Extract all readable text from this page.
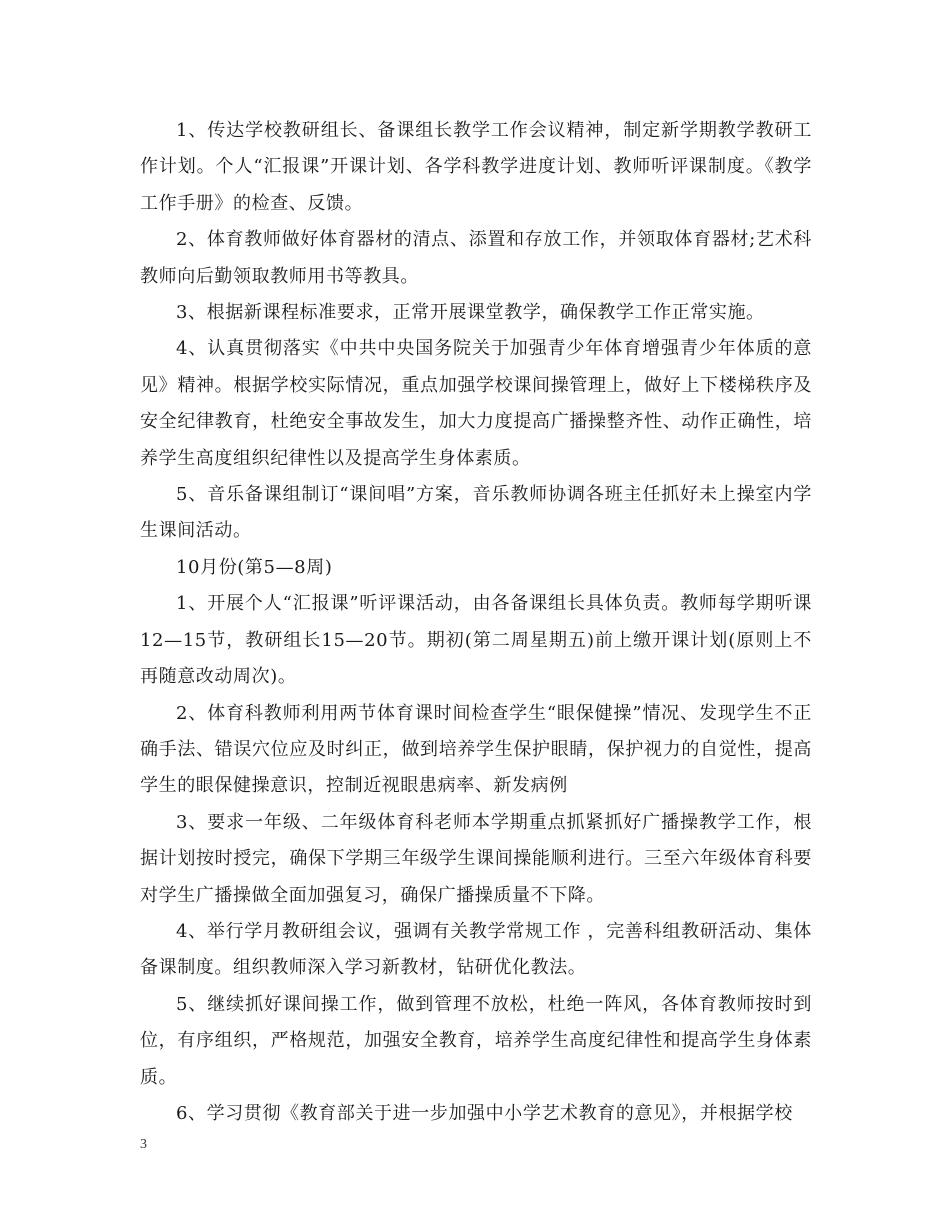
1、传达学校教研组长、备课组长教学工作会议精神，制定新学期教学教研工作计划。个人“汇报课”开课计划、各学科教学进度计划、教师听评课制度。《教学工作手册》的检查、反馈。

2、体育教师做好体育器材的清点、添置和存放工作，并领取体育器材;艺术科教师向后勤领取教师用书等教具。

3、根据新课程标准要求，正常开展课堂教学，确保教学工作正常实施。

4、认真贯彻落实《中共中央国务院关于加强青少年体育增强青少年体质的意见》精神。根据学校实际情况，重点加强学校课间操管理上，做好上下楼梯秩序及安全纪律教育，杜绝安全事故发生，加大力度提高广播操整齐性、动作正确性，培养学生高度组织纪律性以及提高学生身体素质。

5、音乐备课组制订“课间唱”方案，音乐教师协调各班主任抓好未上操室内学生课间活动。

10月份(第5—8周)

1、开展个人“汇报课”听评课活动，由各备课组长具体负责。教师每学期听课12—15节，教研组长15—20节。期初(第二周星期五)前上缴开课计划(原则上不再随意改动周次)。

2、体育科教师利用两节体育课时间检查学生“眼保健操”情况、发现学生不正确手法、错误穴位应及时纠正，做到培养学生保护眼睛，保护视力的自觉性，提高学生的眼保健操意识，控制近视眼患病率、新发病例

3、要求一年级、二年级体育科老师本学期重点抓紧抓好广播操教学工作，根据计划按时授完，确保下学期三年级学生课间操能顺利进行。三至六年级体育科要对学生广播操做全面加强复习，确保广播操质量不下降。

4、举行学月教研组会议，强调有关教学常规工作 ，完善科组教研活动、集体备课制度。组织教师深入学习新教材，钻研优化教法。

5、继续抓好课间操工作，做到管理不放松，杜绝一阵风，各体育教师按时到位，有序组织，严格规范，加强安全教育，培养学生高度纪律性和提高学生身体素质。

6、学习贯彻《教育部关于进一步加强中小学艺术教育的意见》，并根据学校

3
